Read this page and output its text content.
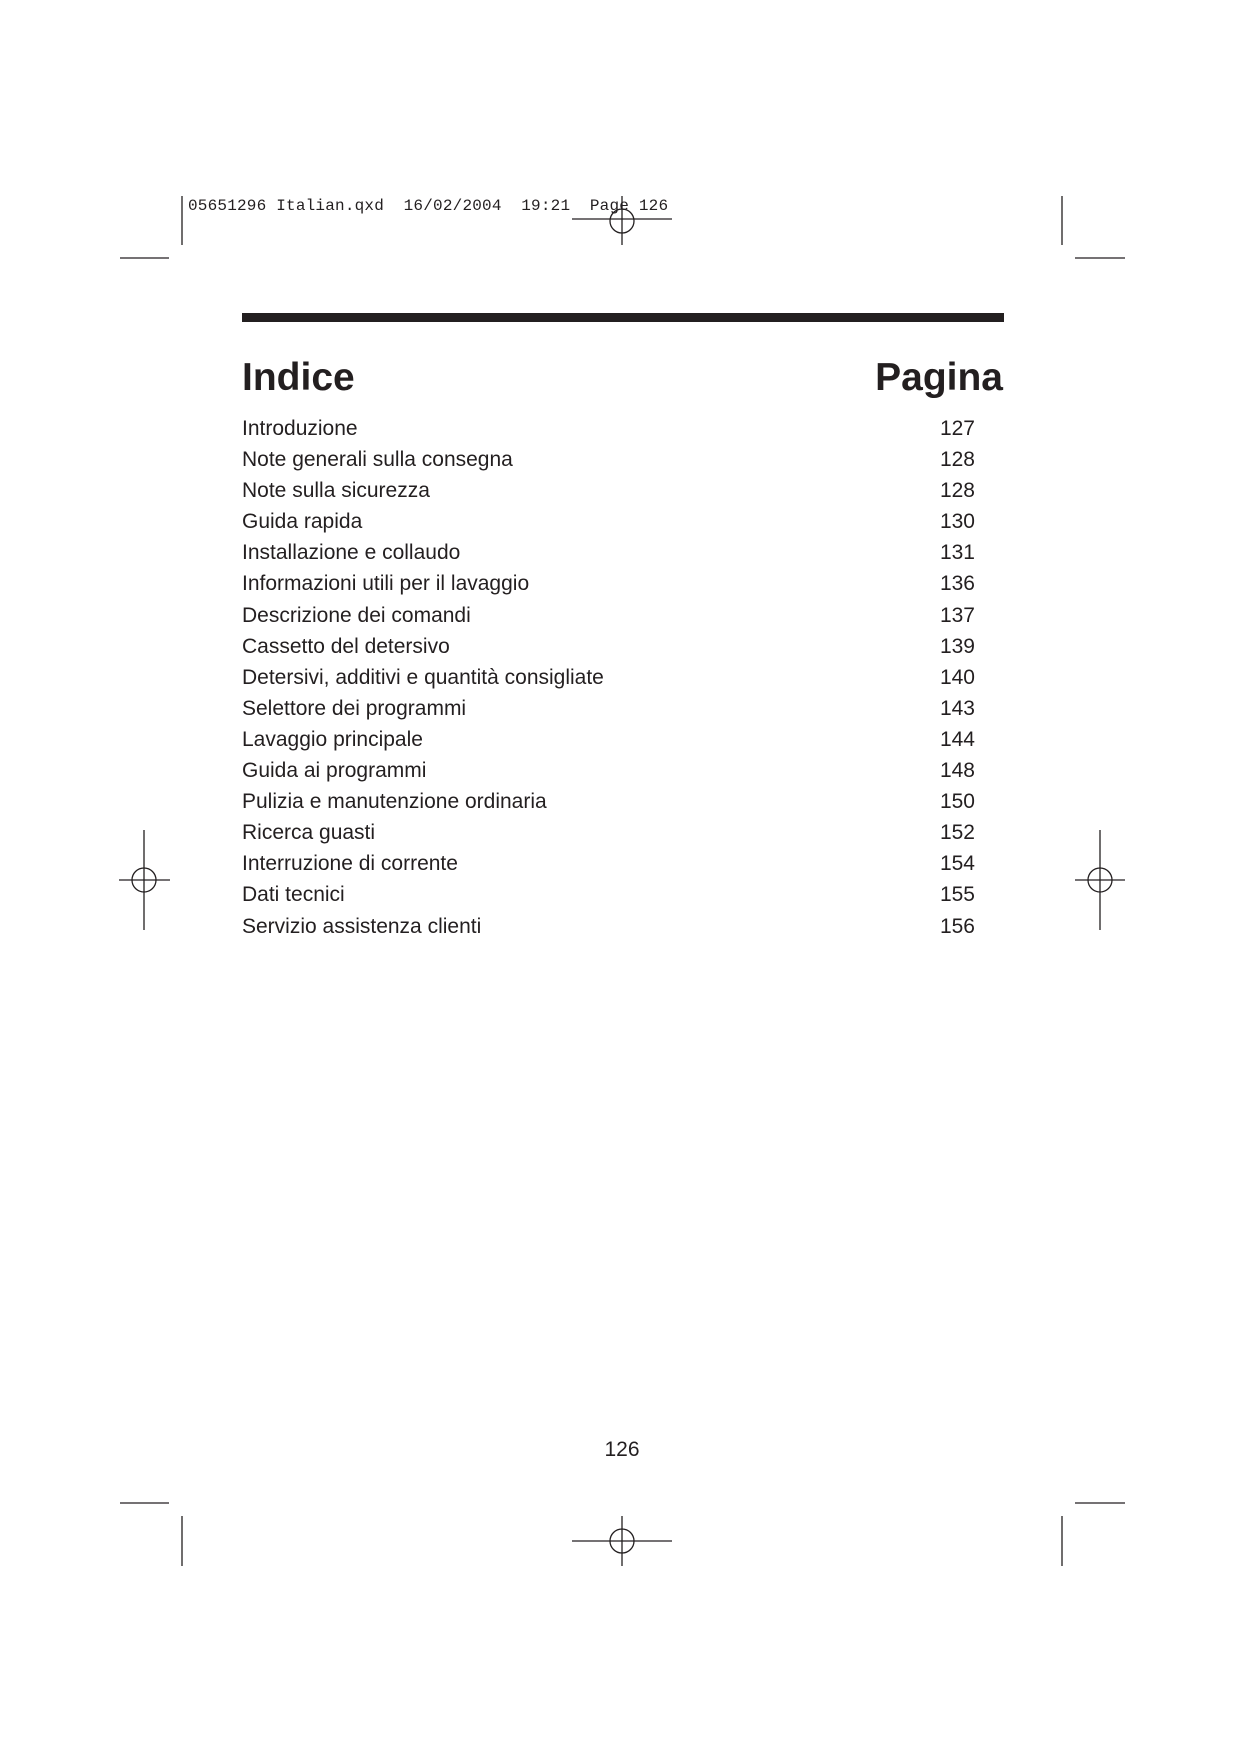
05651296 Italian.qxd  16/02/2004  19:21  Page 126
Indice	Pagina
Introduzione	127
Note generali sulla consegna	128
Note sulla sicurezza	128
Guida rapida	130
Installazione e collaudo	131
Informazioni utili per il lavaggio	136
Descrizione dei comandi	137
Cassetto del detersivo	139
Detersivi, additivi e quantità consigliate	140
Selettore dei programmi	143
Lavaggio principale	144
Guida ai programmi	148
Pulizia e manutenzione ordinaria	150
Ricerca guasti	152
Interruzione di corrente	154
Dati tecnici	155
Servizio assistenza clienti	156
126
